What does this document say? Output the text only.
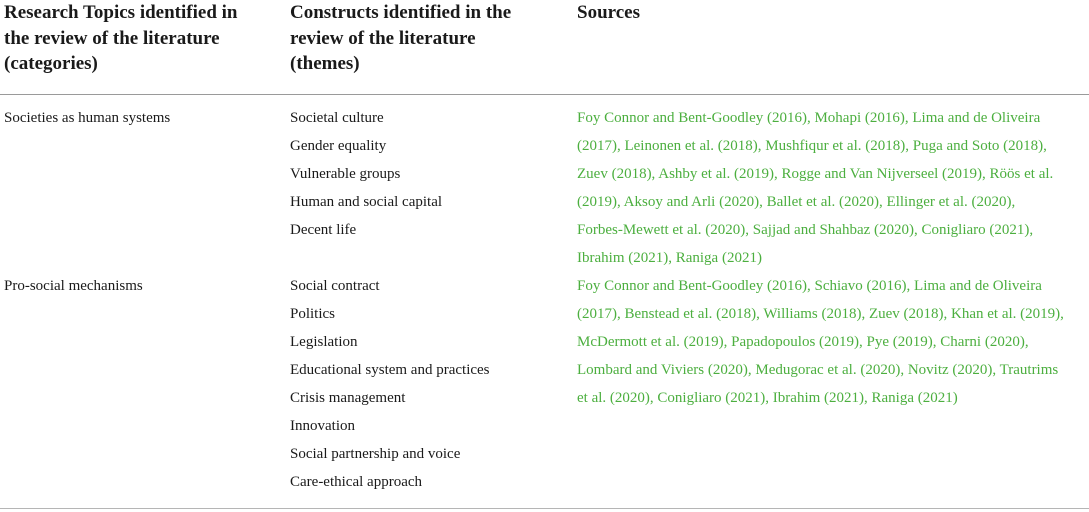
Research Topics identified in
the review of the literature
(categories)
Constructs identified in the
review of the literature
(themes)
Sources
Societies as human systems	Societal culture
Gender equality
Vulnerable groups
Human and social capital
Decent life
Foy Connor and Bent-Goodley (2016), Mohapi (2016), Lima and de Oliveira
(2017), Leinonen et al. (2018), Mushfiqur et al. (2018), Puga and Soto (2018),
Zuev (2018), Ashby et al. (2019), Rogge and Van Nijverseel (2019), Röös et al.
(2019), Aksoy and Arli (2020), Ballet et al. (2020), Ellinger et al. (2020),
Forbes-Mewett et al. (2020), Sajjad and Shahbaz (2020), Conigliaro (2021),
Ibrahim (2021), Raniga (2021)
Pro-social mechanisms	Social contract
Politics
Legislation
Educational system and practices
Crisis management
Innovation
Social partnership and voice
Care-ethical approach
Foy Connor and Bent-Goodley (2016), Schiavo (2016), Lima and de Oliveira
(2017), Benstead et al. (2018), Williams (2018), Zuev (2018), Khan et al. (2019),
McDermott et al. (2019), Papadopoulos (2019), Pye (2019), Charni (2020),
Lombard and Viviers (2020), Medugorac et al. (2020), Novitz (2020), Trautrims
et al. (2020), Conigliaro (2021), Ibrahim (2021), Raniga (2021)
